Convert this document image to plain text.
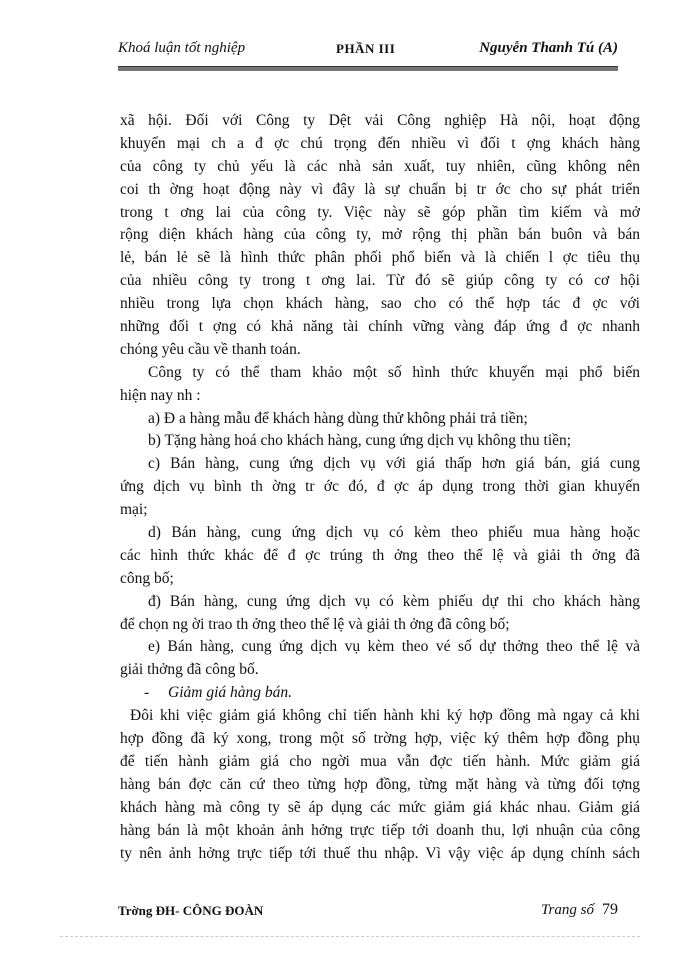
Khoá luận tốt nghiệp	PHẦN III	Nguyễn Thanh Tú (A)
xã hội. Đối với Công ty Dệt vải Công nghiệp Hà nội, hoạt động
khuyến mại ch a đ ợc chú trọng đến nhiều vì đối t ợng khách hàng
của công ty chủ yếu là các nhà sản xuất, tuy nhiên, cũng không nên
coi th ờng hoạt động này vì đây là sự chuẩn bị tr ớc cho sự phát triển
trong t ơng lai của công ty. Việc này sẽ góp phần tìm kiếm và mở
rộng diện khách hàng của công ty, mở rộng thị phần bán buôn và bán
lẻ, bán lẻ sẽ là hình thức phân phối phổ biến và là chiến l ợc tiêu thụ
của nhiều công ty trong t ơng lai. Từ đó sẽ giúp công ty có cơ hội
nhiều trong lựa chọn khách hàng, sao cho có thể hợp tác đ ợc với
những đối t ợng có khả năng tài chính vững vàng đáp ứng đ ợc nhanh
chóng yêu cầu về thanh toán.
Công ty có thể tham khảo một số hình thức khuyến mại phổ biến
hiện nay nh :
a) Đ a hàng mẫu để khách hàng dùng thử không phải trả tiền;
b) Tặng hàng hoá cho khách hàng, cung ứng dịch vụ không thu tiền;
c) Bán hàng, cung ứng dịch vụ với giá thấp hơn giá bán, giá cung
ứng dịch vụ bình th ờng tr ớc đó, đ ợc áp dụng trong thời gian khuyến
mại;
d) Bán hàng, cung ứng dịch vụ có kèm theo phiếu mua hàng hoặc
các hình thức khác để đ ợc trúng th ởng theo thể lệ và giải th ởng đã
công bố;
đ) Bán hàng, cung ứng dịch vụ có kèm phiếu dự thi cho khách hàng
để chọn ng ời trao th ởng theo thể lệ và giải th ởng đã công bố;
e) Bán hàng, cung ứng dịch vụ kèm theo vé số dự thởng theo thể lệ và
giải thởng đã công bố.
- Giảm giá hàng bán.
Đôi khi việc giảm giá không chỉ tiến hành khi ký hợp đồng mà ngay cả khi
hợp đồng đã ký xong, trong một số trờng hợp, việc ký thêm hợp đồng phụ
để tiến hành giảm giá cho ngời mua vẫn đợc tiến hành. Mức giảm giá
hàng bán đợc căn cứ theo từng hợp đồng, từng mặt hàng và từng đối tợng
khách hàng mà công ty sẽ áp dụng các mức giảm giá khác nhau. Giảm giá
hàng bán là một khoản ảnh hởng trực tiếp tới doanh thu, lợi nhuận của công
ty nên ảnh hởng trực tiếp tới thuế thu nhập. Vì vậy việc áp dụng chính sách
Trờng ĐH- CÔNG ĐOÀN	Trang số 79
